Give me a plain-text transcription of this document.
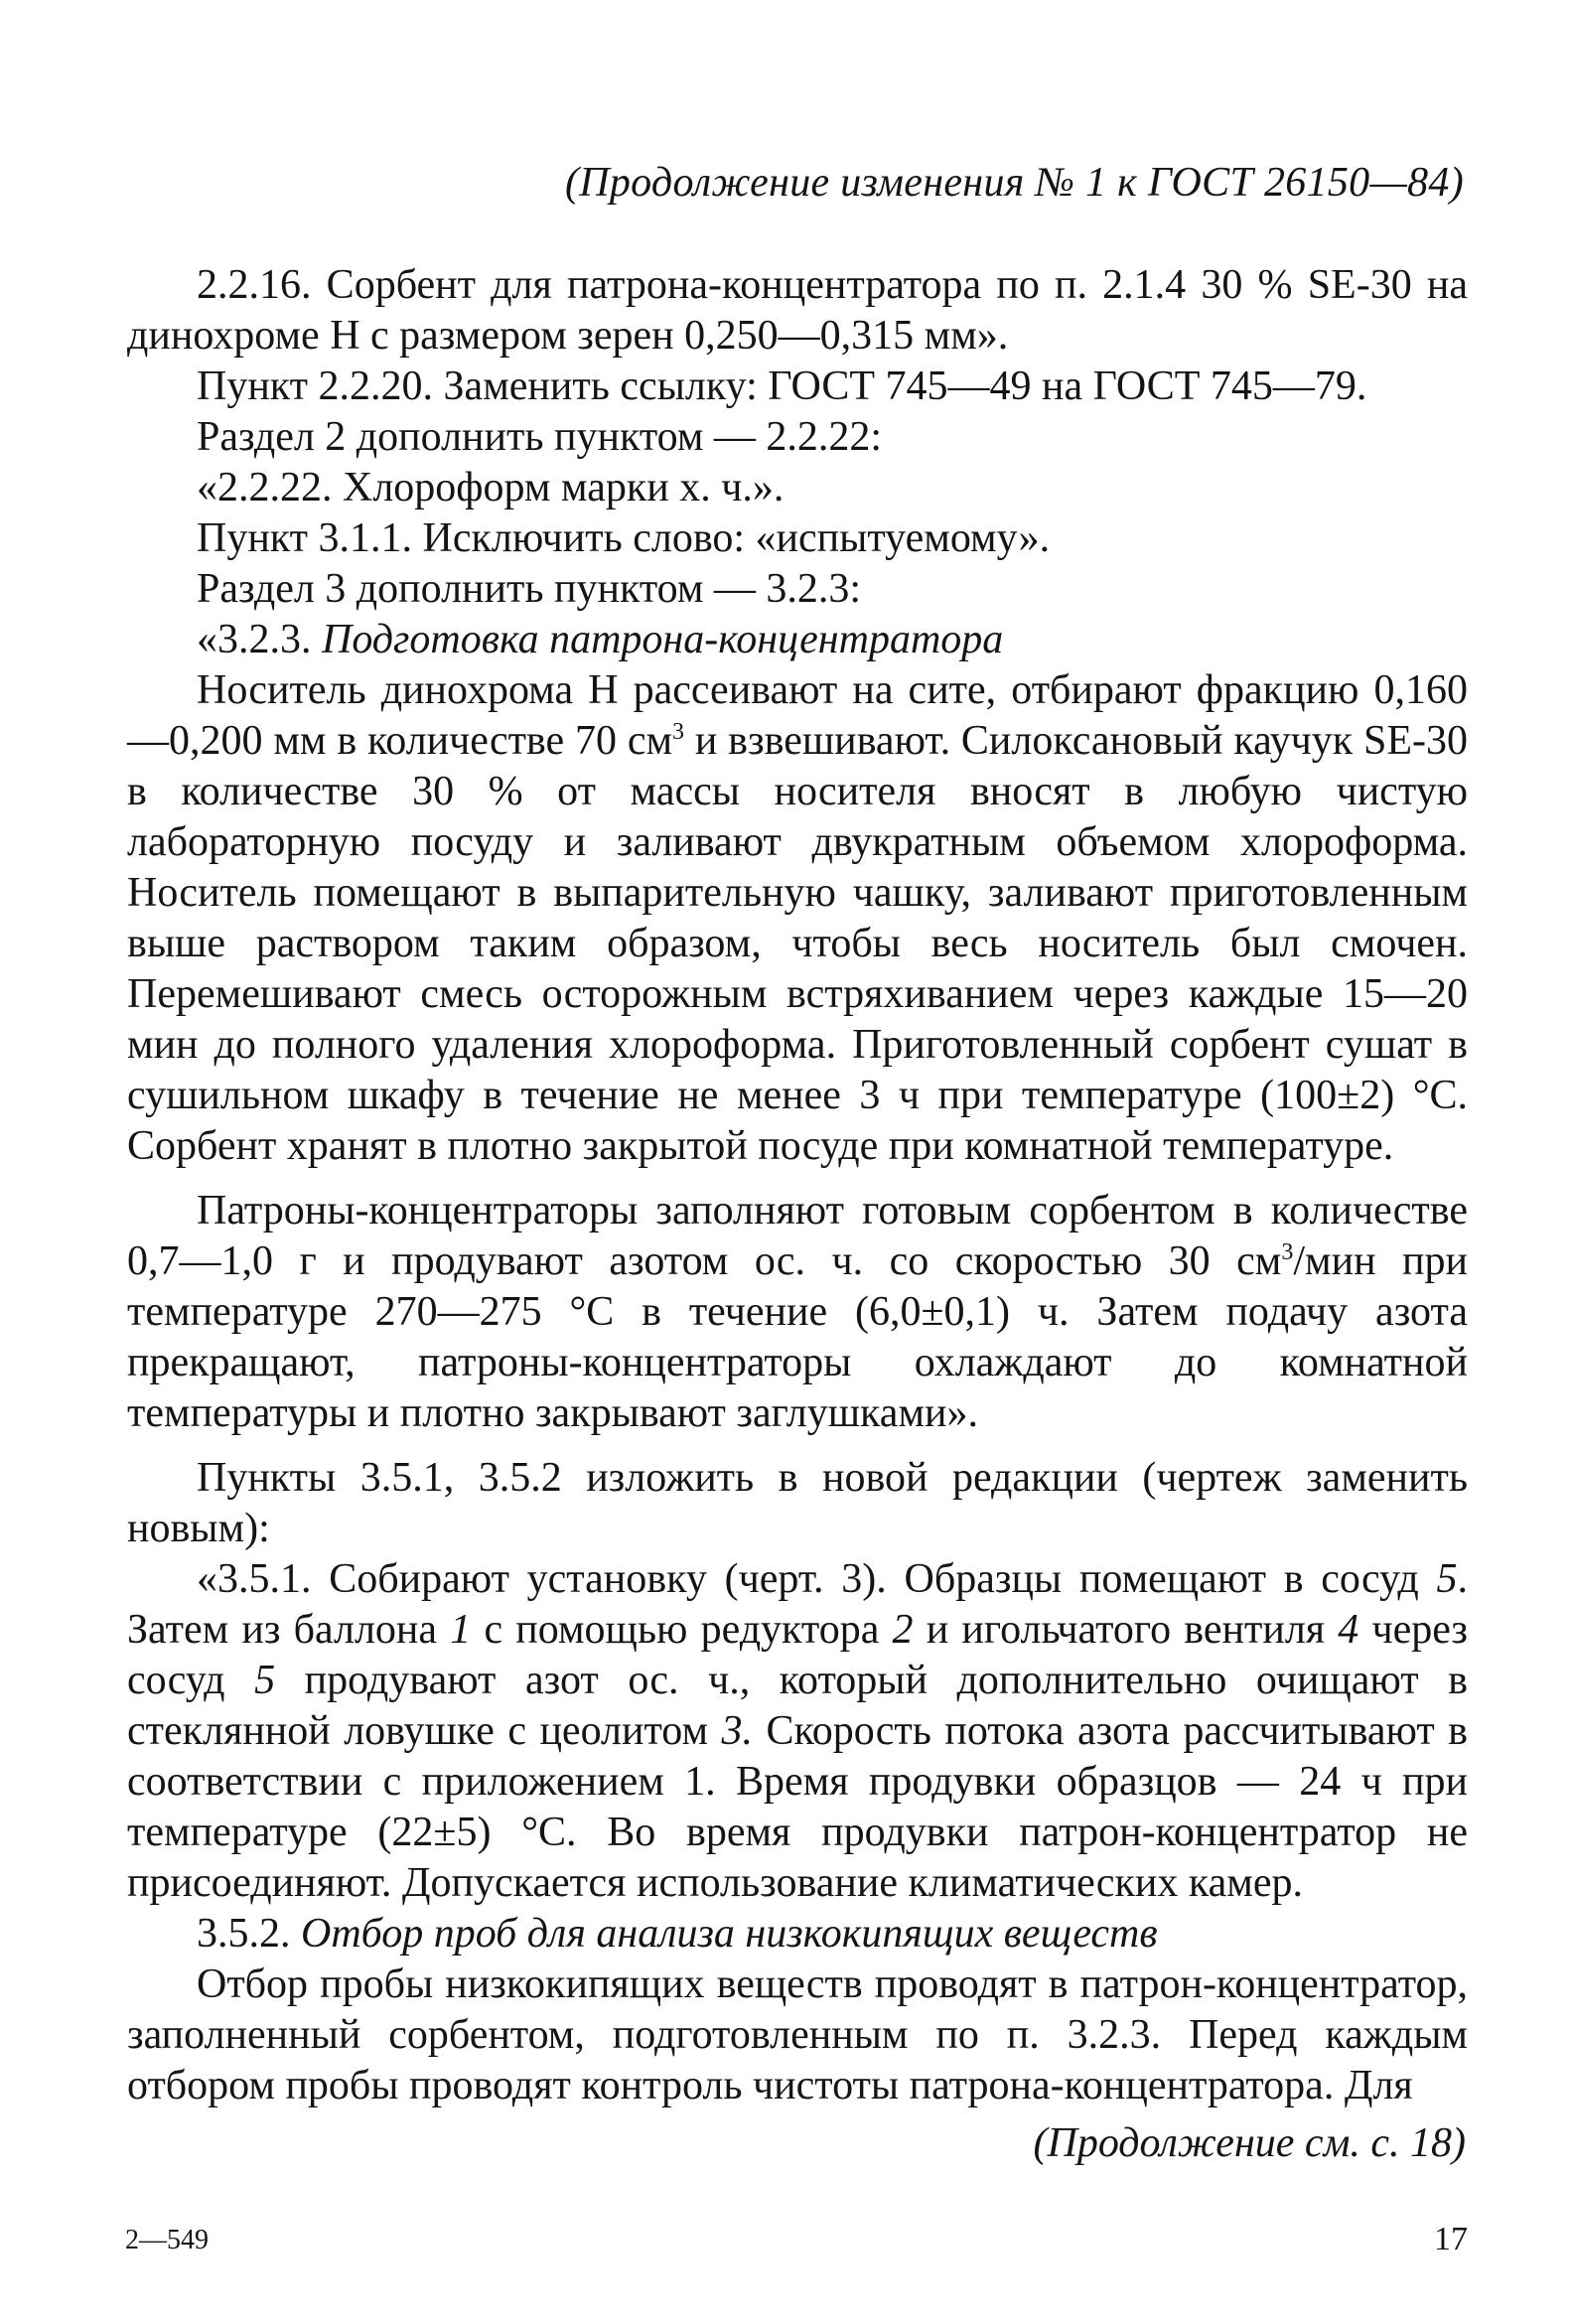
(Продолжение изменения № 1 к ГОСТ 26150—84)

2.2.16. Сорбент для патрона-концентратора по п. 2.1.4 30 % SE-30 на динохроме Н с размером зерен 0,250—0,315 мм».

Пункт 2.2.20. Заменить ссылку: ГОСТ 745—49 на ГОСТ 745—79.

Раздел 2 дополнить пунктом — 2.2.22:

«2.2.22. Хлороформ марки х. ч.».

Пункт 3.1.1. Исключить слово: «испытуемому».

Раздел 3 дополнить пунктом — 3.2.3:

«3.2.3. Подготовка патрона-концентратора

Носитель динохрома Н рассеивают на сите, отбирают фракцию 0,160—0,200 мм в количестве 70 $см^3$ и взвешивают. Силоксановый каучук SE-30 в количестве 30 % от массы носителя вносят в любую чистую лабораторную посуду и заливают двукратным объемом хлороформа. Носитель помещают в выпарительную чашку, заливают приготовленным выше раствором таким образом, чтобы весь носитель был смочен. Перемешивают смесь осторожным встряхиванием через каждые 15—20 мин до полного удаления хлороформа. Приготовленный сорбент сушат в сушильном шкафу в течение не менее 3 ч при температуре (100±2) °С. Сорбент хранят в плотно закрытой посуде при комнатной температуре.

Патроны-концентраторы заполняют готовым сорбентом в количестве 0,7—1,0 г и продувают азотом ос. ч. со скоростью 30 $см^3$/мин при температуре 270—275 °С в течение (6,0±0,1) ч. Затем подачу азота прекращают, патроны-концентраторы охлаждают до комнатной температуры и плотно закрывают заглушками».

Пункты 3.5.1, 3.5.2 изложить в новой редакции (чертеж заменить новым):

«3.5.1. Собирают установку (черт. 3). Образцы помещают в сосуд 5. Затем из баллона 1 с помощью редуктора 2 и игольчатого вентиля 4 через сосуд 5 продувают азот ос. ч., который дополнительно очищают в стеклянной ловушке с цеолитом 3. Скорость потока азота рассчитывают в соответствии с приложением 1. Время продувки образцов — 24 ч при температуре (22±5) °С. Во время продувки патрон-концентратор не присоединяют. Допускается использование климатических камер.

3.5.2. Отбор проб для анализа низкокипящих веществ

Отбор пробы низкокипящих веществ проводят в патрон-концентратор, заполненный сорбентом, подготовленным по п. 3.2.3. Перед каждым отбором пробы проводят контроль чистоты патрона-концентратора. Для

(Продолжение см. с. 18)
2—549	17
